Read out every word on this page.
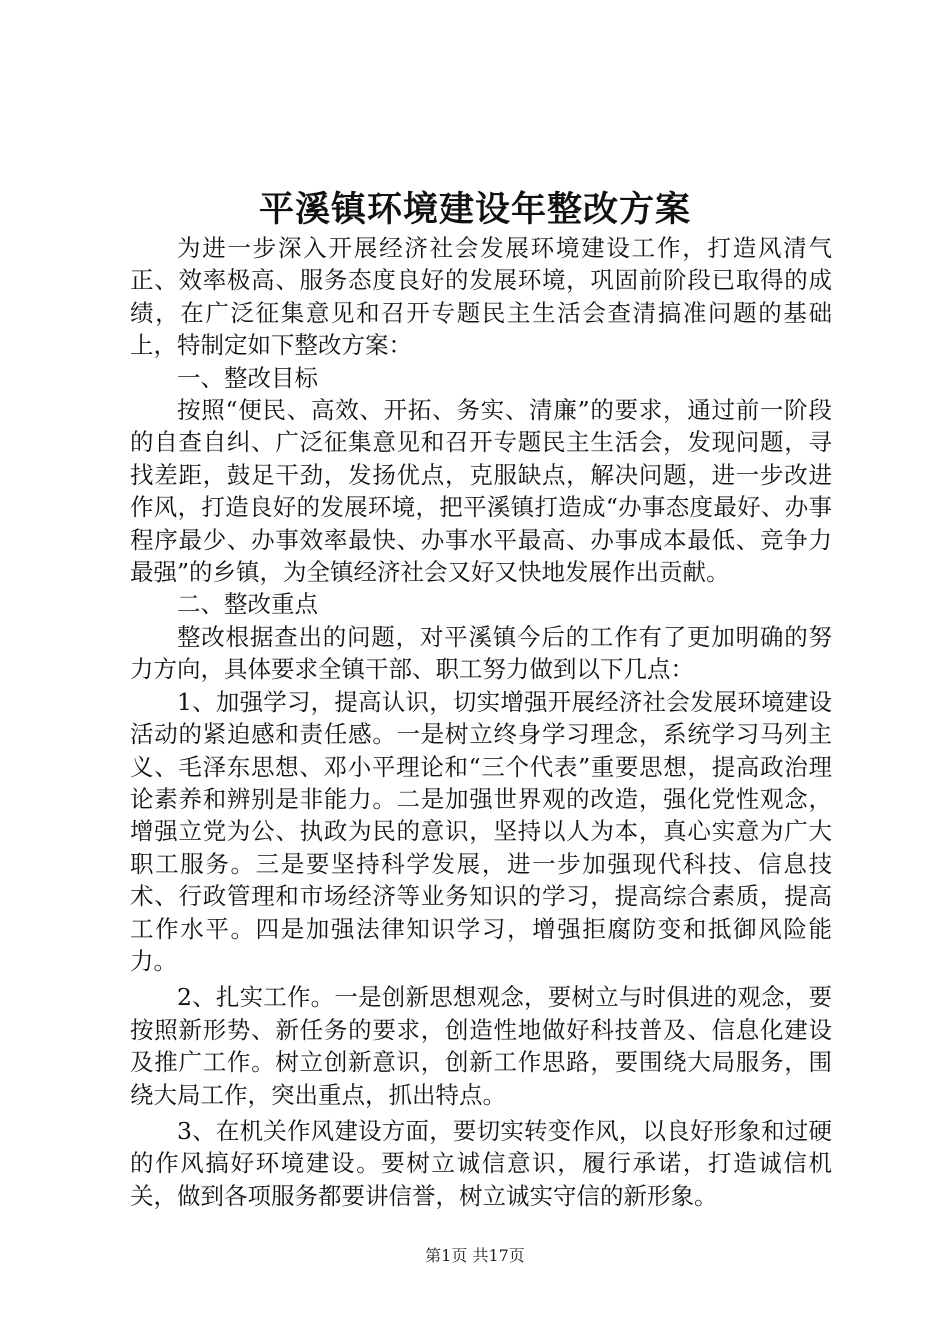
平溪镇环境建设年整改方案

为进一步深入开展经济社会发展环境建设工作，打造风清气正、效率极高、服务态度良好的发展环境，巩固前阶段已取得的成绩，在广泛征集意见和召开专题民主生活会查清搞准问题的基础上，特制定如下整改方案：

一、整改目标

按照“便民、高效、开拓、务实、清廉”的要求，通过前一阶段的自查自纠、广泛征集意见和召开专题民主生活会，发现问题，寻找差距，鼓足干劲，发扬优点，克服缺点，解决问题，进一步改进作风，打造良好的发展环境，把平溪镇打造成“办事态度最好、办事程序最少、办事效率最快、办事水平最高、办事成本最低、竞争力最强”的乡镇，为全镇经济社会又好又快地发展作出贡献。

二、整改重点

整改根据查出的问题，对平溪镇今后的工作有了更加明确的努力方向，具体要求全镇干部、职工努力做到以下几点：

1、加强学习，提高认识，切实增强开展经济社会发展环境建设活动的紧迫感和责任感。一是树立终身学习理念，系统学习马列主义、毛泽东思想、邓小平理论和“三个代表”重要思想，提高政治理论素养和辨别是非能力。二是加强世界观的改造，强化党性观念，增强立党为公、执政为民的意识，坚持以人为本，真心实意为广大职工服务。三是要坚持科学发展，进一步加强现代科技、信息技术、行政管理和市场经济等业务知识的学习，提高综合素质，提高工作水平。四是加强法律知识学习，增强拒腐防变和抵御风险能力。

2、扎实工作。一是创新思想观念，要树立与时俱进的观念，要按照新形势、新任务的要求，创造性地做好科技普及、信息化建设及推广工作。树立创新意识，创新工作思路，要围绕大局服务，围绕大局工作，突出重点，抓出特点。

3、在机关作风建设方面，要切实转变作风，以良好形象和过硬的作风搞好环境建设。要树立诚信意识，履行承诺，打造诚信机关，做到各项服务都要讲信誉，树立诚实守信的新形象。

第1页 共17页
